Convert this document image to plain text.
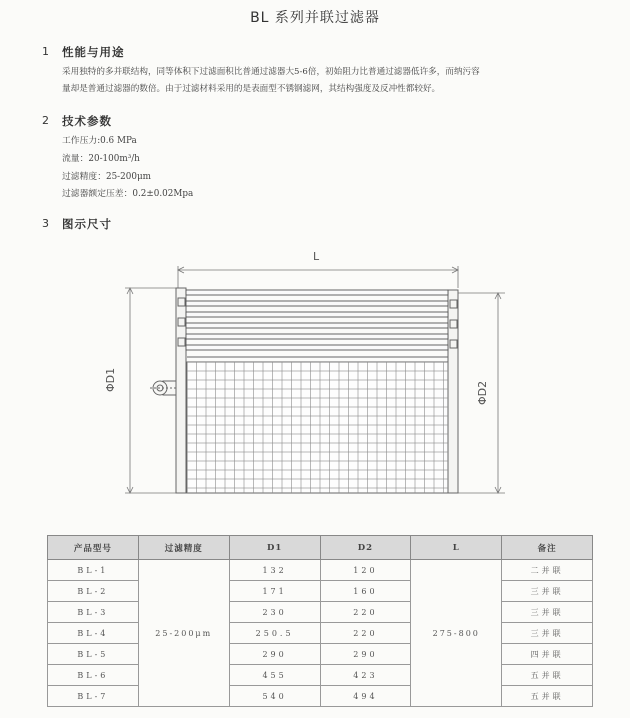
BL 系列并联过滤器
1 性能与用途
采用独特的多并联结构，同等体积下过滤面积比普通过滤器大5-6倍，初始阻力比普通过滤器低许多，而纳污容
量却是普通过滤器的数倍。由于过滤材料采用的是表面型不锈钢滤网，其结构强度及反冲性都较好。
2 技术参数
工作压力:0.6 MPa
流量：20-100m³/h
过滤精度：25-200μm
过滤器额定压差：0.2±0.02Mpa
3 图示尺寸
L
ΦD1
ΦD2
产品型号	过滤精度	D1	D2	L	备注
BL-1	25-200μm	132	120	275-800	二并联
BL-2		171	160		三并联
BL-3		230	220		三并联
BL-4		250.5	220		三并联
BL-5		290	290		四并联
BL-6		455	423		五并联
BL-7		540	494		五并联
